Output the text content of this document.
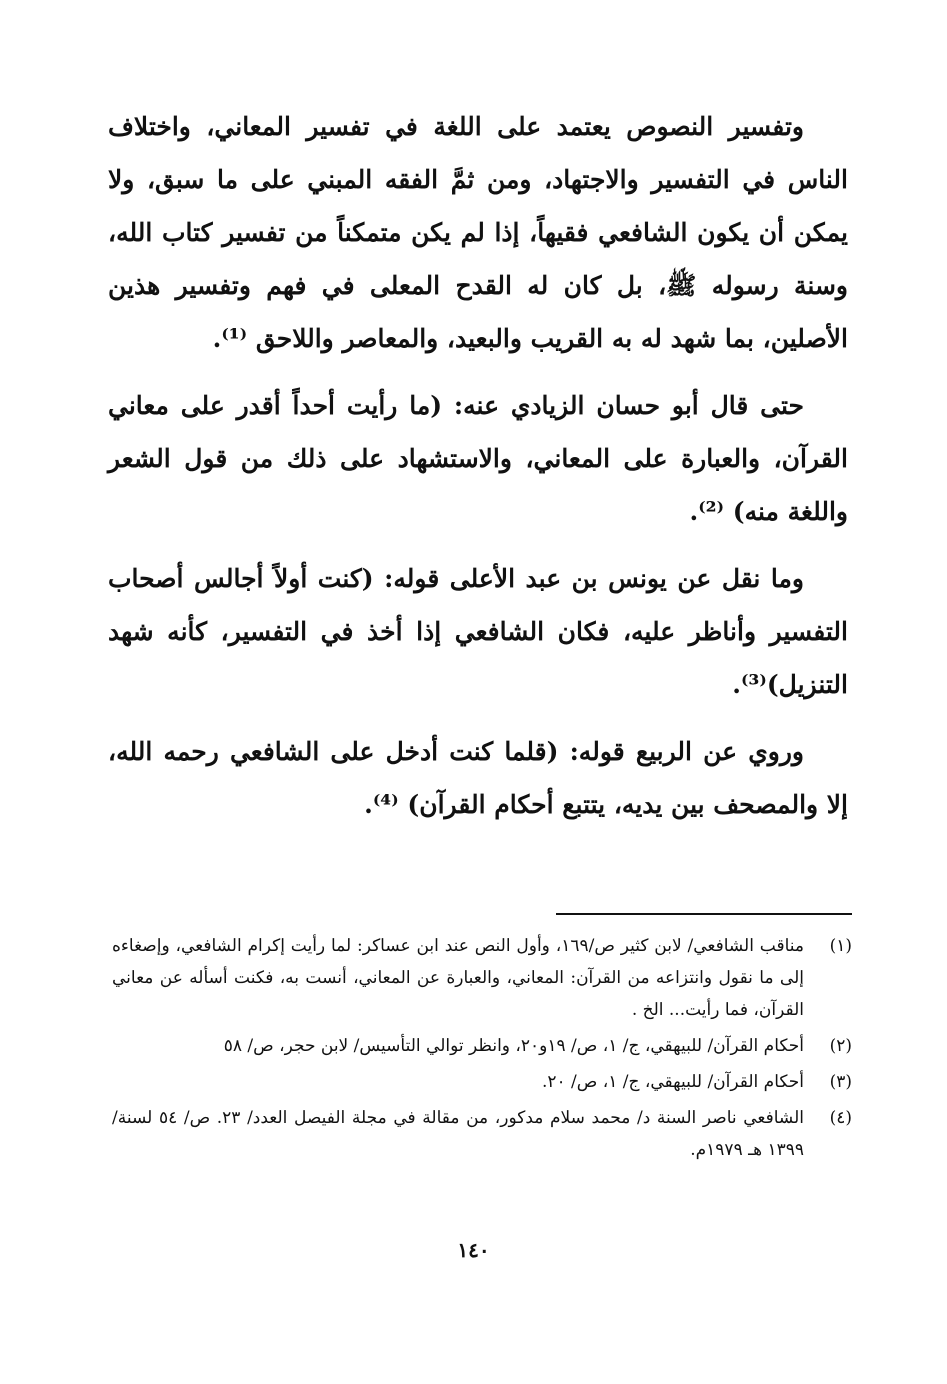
وتفسير النصوص يعتمد على اللغة في تفسير المعاني، واختلاف الناس في التفسير والاجتهاد، ومن ثمَّ الفقه المبني على ما سبق، ولا يمكن أن يكون الشافعي فقيهاً، إذا لم يكن متمكناً من تفسير كتاب الله، وسنة رسوله ﷺ، بل كان له القدح المعلى في فهم وتفسير هذين الأصلين، بما شهد له به القريب والبعيد، والمعاصر واللاحق ⁽¹⁾.

حتى قال أبو حسان الزيادي عنه: (ما رأيت أحداً أقدر على معاني القرآن، والعبارة على المعاني، والاستشهاد على ذلك من قول الشعر واللغة منه) ⁽²⁾.

وما نقل عن يونس بن عبد الأعلى قوله: (كنت أولاً أجالس أصحاب التفسير وأناظر عليه، فكان الشافعي إذا أخذ في التفسير، كأنه شهد التنزيل)⁽³⁾.

وروي عن الربيع قوله: (قلما كنت أدخل على الشافعي رحمه الله، إلا والمصحف بين يديه، يتتبع أحكام القرآن) ⁽⁴⁾.

(١)
مناقب الشافعي/ لابن كثير ص/١٦٩، وأول النص عند ابن عساكر: لما رأيت إكرام الشافعي، وإصغاءه إلى ما نقول وانتزاعه من القرآن: المعاني، والعبارة عن المعاني، أنست به، فكنت أسأله عن معاني القرآن، فما رأيت... الخ .
(٢)
أحكام القرآن/ للبيهقي، ج/ ١، ص/ ١٩و٢٠، وانظر توالي التأسيس/ لابن حجر، ص/ ٥٨
(٣)
أحكام القرآن/ للبيهقي، ج/ ١، ص/ ٢٠.
(٤)
الشافعي ناصر السنة د/ محمد سلام مدكور، من مقالة في مجلة الفيصل العدد/ ٢٣. ص/ ٥٤ لسنة/ ١٣٩٩ هـ ١٩٧٩م.
١٤٠
